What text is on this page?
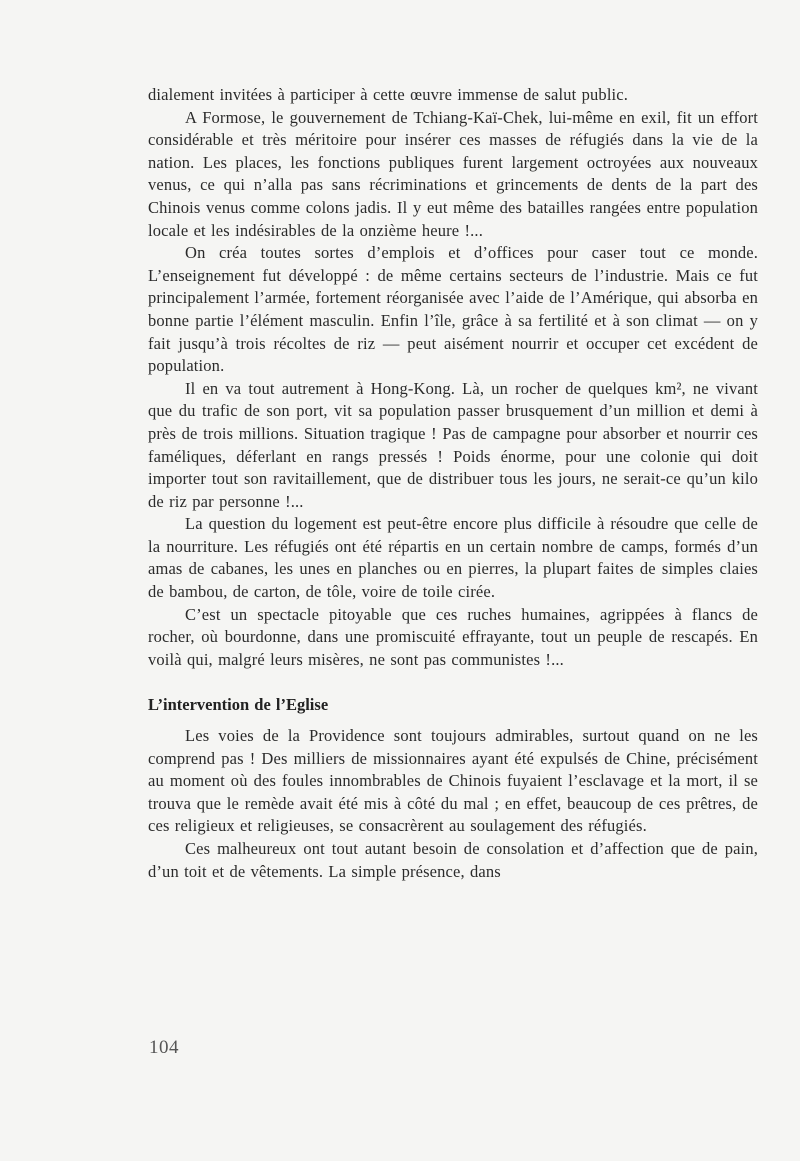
dialement invitées à participer à cette œuvre immense de salut public.

A Formose, le gouvernement de Tchiang-Kaï-Chek, lui-même en exil, fit un effort considérable et très méritoire pour insérer ces masses de réfugiés dans la vie de la nation. Les places, les fonctions publiques furent largement octroyées aux nouveaux venus, ce qui n’alla pas sans récriminations et grincements de dents de la part des Chinois venus comme colons jadis. Il y eut même des batailles rangées entre population locale et les indésirables de la onzième heure !...

On créa toutes sortes d’emplois et d’offices pour caser tout ce monde. L’enseignement fut développé : de même certains secteurs de l’industrie. Mais ce fut principalement l’armée, fortement réorganisée avec l’aide de l’Amérique, qui absorba en bonne partie l’élément masculin. Enfin l’île, grâce à sa fertilité et à son climat — on y fait jusqu’à trois récoltes de riz — peut aisément nourrir et occuper cet excédent de population.

Il en va tout autrement à Hong-Kong. Là, un rocher de quelques km², ne vivant que du trafic de son port, vit sa population passer brusquement d’un million et demi à près de trois millions. Situation tragique ! Pas de campagne pour absorber et nourrir ces faméliques, déferlant en rangs pressés ! Poids énorme, pour une colonie qui doit importer tout son ravitaillement, que de distribuer tous les jours, ne serait-ce qu’un kilo de riz par personne !...

La question du logement est peut-être encore plus difficile à résoudre que celle de la nourriture. Les réfugiés ont été répartis en un certain nombre de camps, formés d’un amas de cabanes, les unes en planches ou en pierres, la plupart faites de simples claies de bambou, de carton, de tôle, voire de toile cirée.

C’est un spectacle pitoyable que ces ruches humaines, agrippées à flancs de rocher, où bourdonne, dans une promiscuité effrayante, tout un peuple de rescapés. En voilà qui, malgré leurs misères, ne sont pas communistes !...

L’intervention de l’Eglise

Les voies de la Providence sont toujours admirables, surtout quand on ne les comprend pas ! Des milliers de missionnaires ayant été expulsés de Chine, précisément au moment où des foules innombrables de Chinois fuyaient l’esclavage et la mort, il se trouva que le remède avait été mis à côté du mal ; en effet, beaucoup de ces prêtres, de ces religieux et religieuses, se consacrèrent au soulagement des réfugiés.

Ces malheureux ont tout autant besoin de consolation et d’affection que de pain, d’un toit et de vêtements. La simple présence, dans

104
